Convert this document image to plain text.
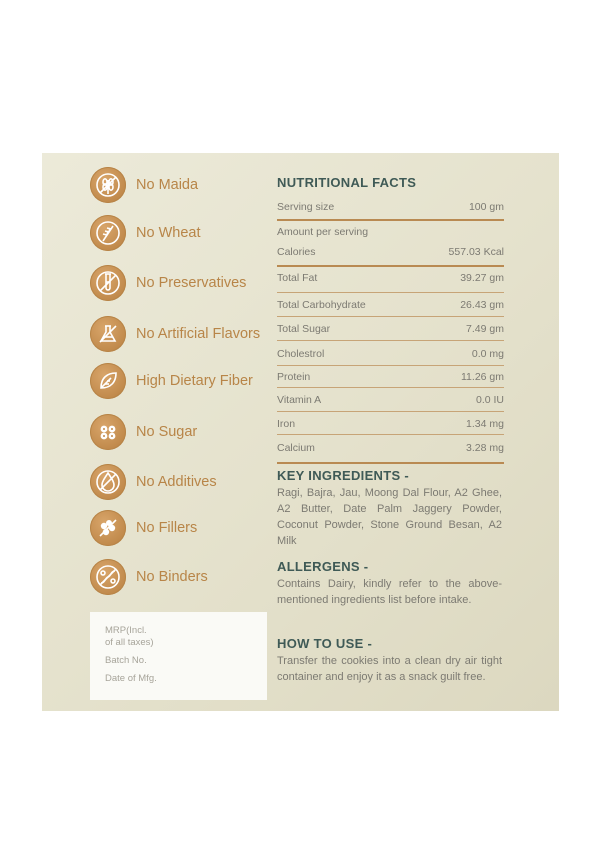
No Maida
No Wheat
No Preservatives
No Artificial Flavors
High Dietary Fiber
No Sugar
No Additives
No Fillers
No Binders
MRP(Incl.
of all taxes)
Batch No.
Date of Mfg.
NUTRITIONAL FACTS
Serving size	100 gm
Amount per serving
Calories	557.03 Kcal
Total Fat	39.27 gm
Total Carbohydrate	26.43 gm
Total Sugar	7.49 gm
Cholestrol	0.0 mg
Protein	11.26 gm
Vitamin A	0.0 IU
Iron	1.34 mg
Calcium	3.28 mg
KEY INGREDIENTS -
Ragi, Bajra, Jau, Moong Dal Flour, A2 Ghee, A2 Butter, Date Palm Jaggery Powder, Coconut Powder, Stone Ground Besan, A2 Milk
ALLERGENS -
Contains Dairy, kindly refer to the above-mentioned ingredients list before intake.
HOW TO USE -
Transfer the cookies into a clean dry air tight container and enjoy it as a snack guilt free.
